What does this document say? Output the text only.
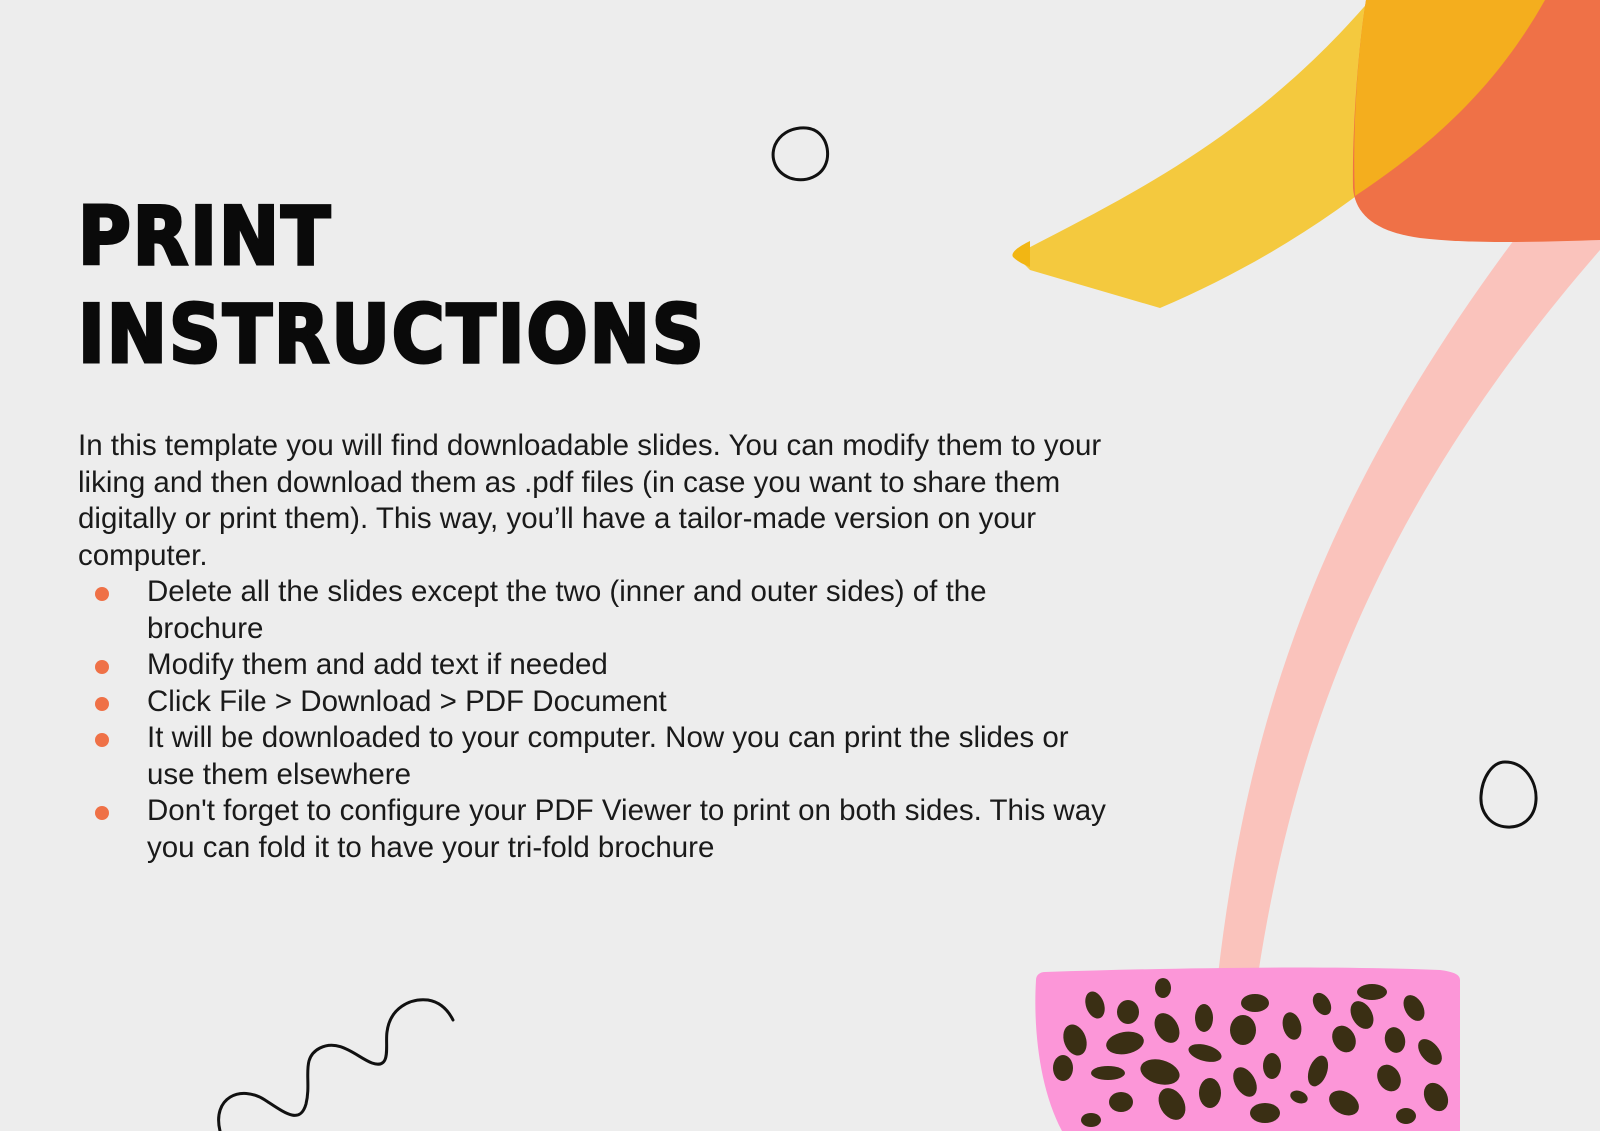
PRINT
INSTRUCTIONS

In this template you will find downloadable slides. You can modify them to your liking and then download them as .pdf files (in case you want to share them digitally or print them). This way, you’ll have a tailor-made version on your computer.

Delete all the slides except the two (inner and outer sides) of the brochure
Modify them and add text if needed
Click File > Download > PDF Document
It will be downloaded to your computer. Now you can print the slides or use them elsewhere
Don't forget to configure your PDF Viewer to print on both sides. This way you can fold it to have your tri-fold brochure
